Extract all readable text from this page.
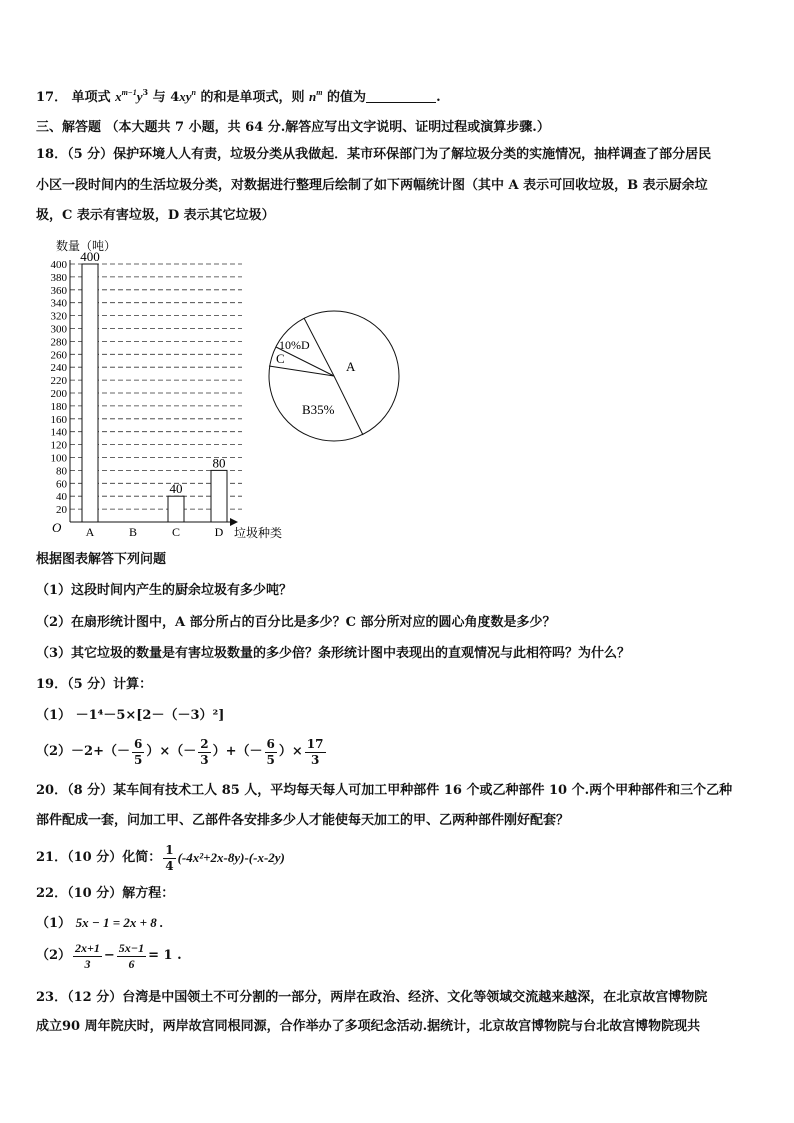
17． 单项式 $x^{m-1}y^3$ 与 $4xy^n$ 的和是单项式，则 $n^m$ 的值为	.
三、解答题 （本大题共 7 小题，共 64 分.解答应写出文字说明、证明过程或演算步骤.）
18．（5 分）保护环境人人有责，垃圾分类从我做起．某市环保部门为了解垃圾分类的实施情况，抽样调查了部分居民
小区一段时间内的生活垃圾分类，对数据进行整理后绘制了如下两幅统计图（其中 A 表示可回收垃圾，B 表示厨余垃
圾，C 表示有害垃圾，D 表示其它垃圾）
20
40
60
80
100
120
140
160
180
200
220
240
260
280
300
320
340
360
380
400
400
A	B
40
C
80
D
数量（吨）
垃圾种类
O
A
B35%
C
10%D
根据图表解答下列问题
（1）这段时间内产生的厨余垃圾有多少吨？
（2）在扇形统计图中，A 部分所占的百分比是多少？C 部分所对应的圆心角度数是多少？
（3）其它垃圾的数量是有害垃圾数量的多少倍？条形统计图中表现出的直观情况与此相符吗？为什么？
19．（5 分）计算：
（1） －1⁴－5×[2－（－3）²]
$(2) -2+(- \frac{6}{5}$ ）×（－ $\frac{2}{3}$ ）+（－ $\frac{6}{5}$ ）× $\frac{17}{3}$
20．（8 分）某车间有技术工人 85 人，平均每天每人可加工甲种部件 16 个或乙种部件 10 个.两个甲种部件和三个乙种
部件配成一套，问加工甲、乙部件各安排多少人才能使每天加工的甲、乙两种部件刚好配套？
21．（10 分）化简： $\frac{1}{4} (-4x^2+2x-8y)-(-x-2y)$
22．（10 分）解方程：
（1） 5x − 1 = 2x + 8 .
$(2) \frac{2x+1}{3} - \frac{5x-1}{6} = 1$ .
23．（12 分）台湾是中国领土不可分割的一部分，两岸在政治、经济、文化等领域交流越来越深，在北京故宫博物院
成立90 周年院庆时，两岸故宫同根同源，合作举办了多项纪念活动.据统计，北京故宫博物院与台北故宫博物院现共
